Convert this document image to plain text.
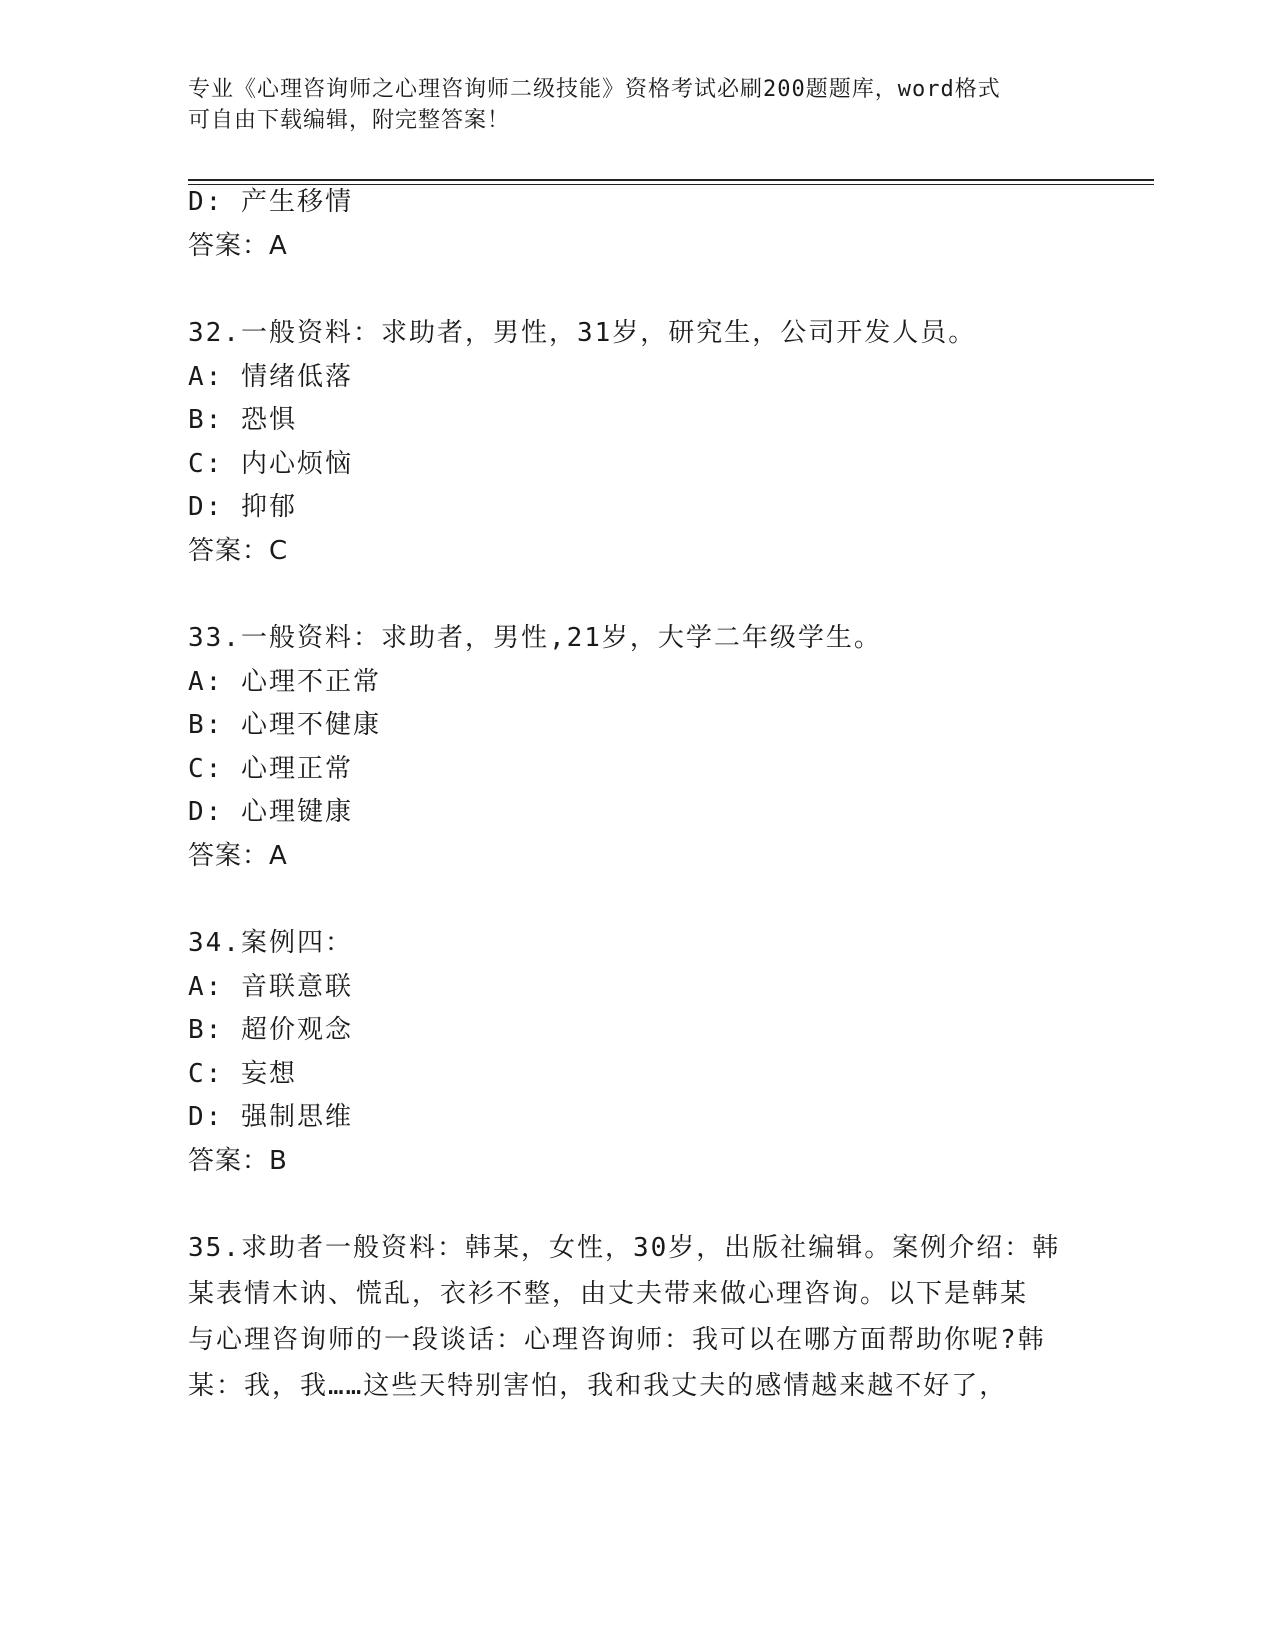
专业《心理咨询师之心理咨询师二级技能》资格考试必刷200题题库，word格式

可自由下载编辑，附完整答案！

D: 产生移情
答案：A
32.一般资料：求助者，男性，31岁，研究生，公司开发人员。
A: 情绪低落
B: 恐惧
C: 内心烦恼
D: 抑郁
答案：C
33.一般资料：求助者，男性,21岁，大学二年级学生。
A: 心理不正常
B: 心理不健康
C: 心理正常
D: 心理键康
答案：A
34.案例四：
A: 音联意联
B: 超价观念
C: 妄想
D: 强制思维
答案：B
35.求助者一般资料：韩某，女性，30岁，出版社编辑。案例介绍：韩
某表情木讷、慌乱，衣衫不整，由丈夫带来做心理咨询。以下是韩某
与心理咨询师的一段谈话：心理咨询师：我可以在哪方面帮助你呢?韩
某：我，我……这些天特别害怕，我和我丈夫的感情越来越不好了，
